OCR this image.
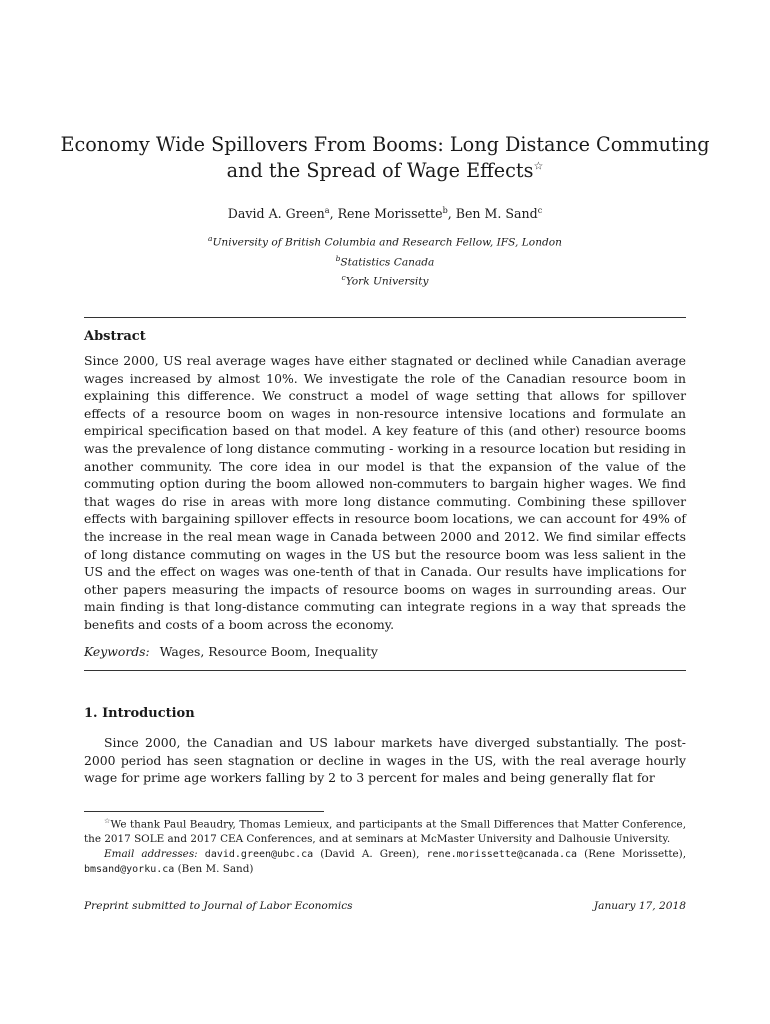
Economy Wide Spillovers From Booms: Long Distance Commuting
and the Spread of Wage Effects☆
David A. Green$^a$, Rene Morissette$^b$, Ben M. Sand$^c$
$^a$University of British Columbia and Research Fellow, IFS, London
$^b$Statistics Canada
$^c$York University
Abstract
Since 2000, US real average wages have either stagnated or declined while Canadian average wages increased by almost 10%. We investigate the role of the Canadian resource boom in explaining this difference. We construct a model of wage setting that allows for spillover effects of a resource boom on wages in non-resource intensive locations and formulate an empirical specification based on that model. A key feature of this (and other) resource booms was the prevalence of long distance commuting - working in a resource location but residing in another community. The core idea in our model is that the expansion of the value of the commuting option during the boom allowed non-commuters to bargain higher wages. We find that wages do rise in areas with more long distance commuting. Combining these spillover effects with bargaining spillover effects in resource boom locations, we can account for 49% of the increase in the real mean wage in Canada between 2000 and 2012. We find similar effects of long distance commuting on wages in the US but the resource boom was less salient in the US and the effect on wages was one-tenth of that in Canada. Our results have implications for other papers measuring the impacts of resource booms on wages in surrounding areas. Our main finding is that long-distance commuting can integrate regions in a way that spreads the benefits and costs of a boom across the economy.
Keywords: Wages, Resource Boom, Inequality
1. Introduction
Since 2000, the Canadian and US labour markets have diverged substantially. The post-2000 period has seen stagnation or decline in wages in the US, with the real average hourly wage for prime age workers falling by 2 to 3 percent for males and being generally flat for

☆We thank Paul Beaudry, Thomas Lemieux, and participants at the Small Differences that Matter Conference, the 2017 SOLE and 2017 CEA Conferences, and at seminars at McMaster University and Dalhousie University.

Email addresses: david.green@ubc.ca (David A. Green), rene.morissette@canada.ca (Rene Morissette), bmsand@yorku.ca (Ben M. Sand)

Preprint submitted to Journal of Labor Economics	January 17, 2018
